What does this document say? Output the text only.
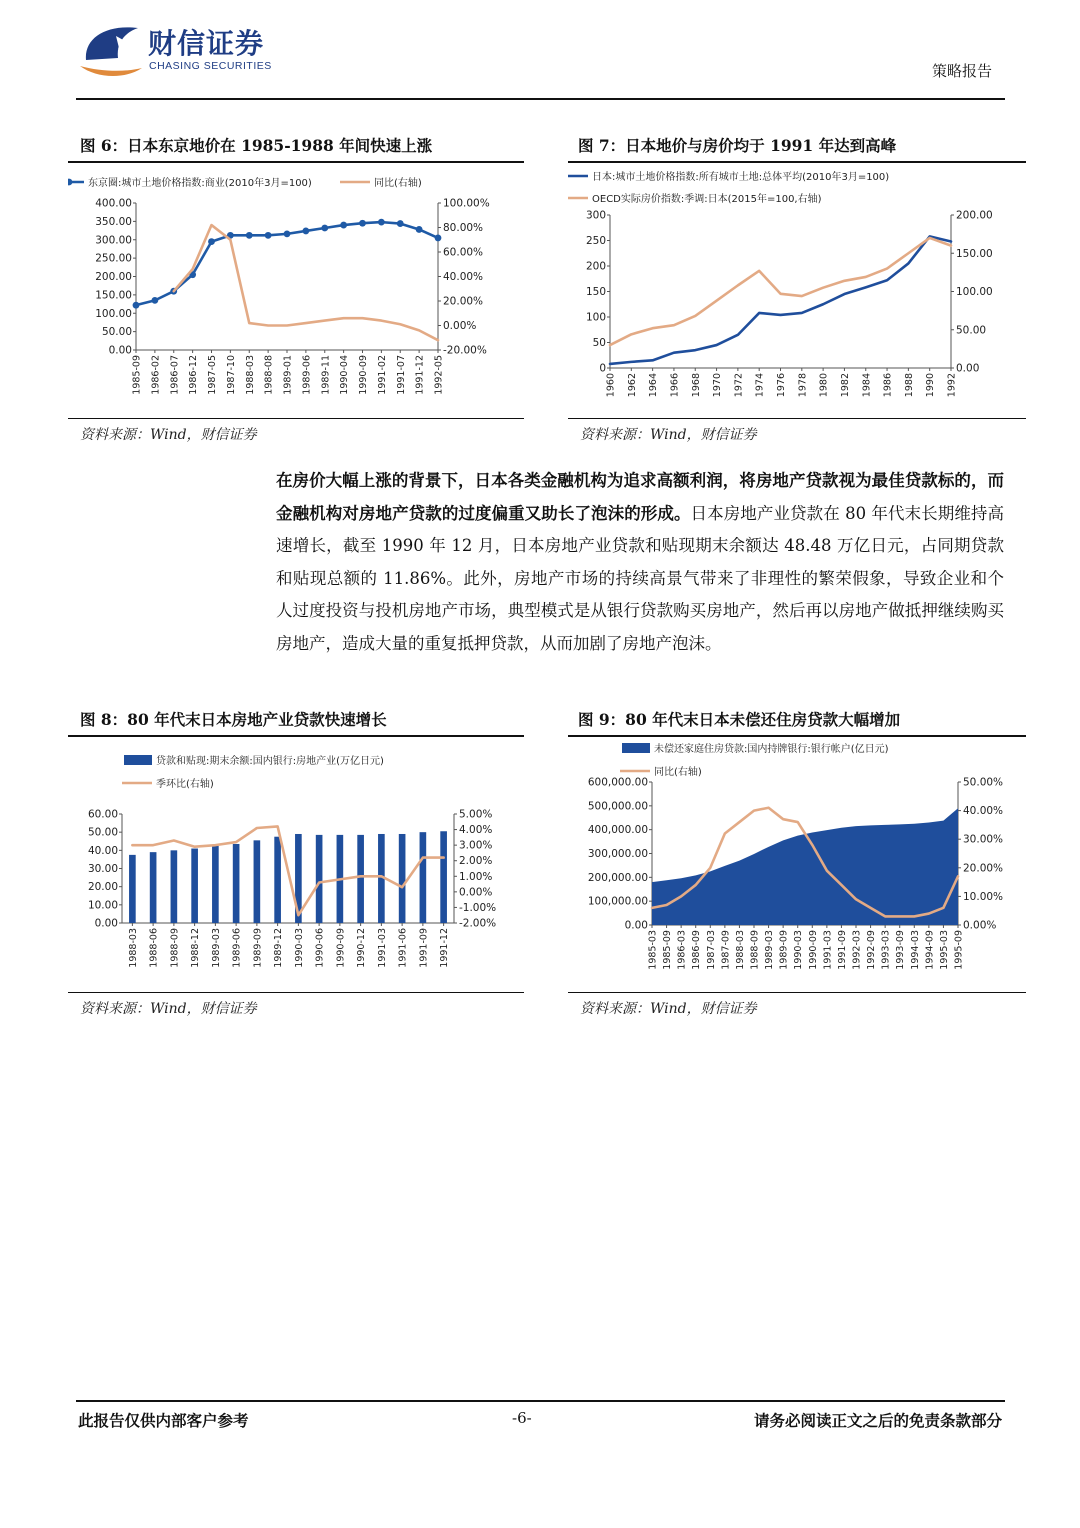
财信证券
CHASING SECURITIES	策略报告
图 6：日本东京地价在 1985-1988 年间快速上涨
0.00
50.00
100.00
150.00
200.00
250.00
300.00
350.00
400.00
-20.00%
0.00%
20.00%
40.00%
60.00%
80.00%
100.00%
1985-09 1986-02 1986-07 1986-12 1987-05 1987-10 1988-03 1988-08 1989-01 1989-06 1989-11 1990-04 1990-09 1991-02 1991-07 1991-12 1992-05
东京圈:城市土地价格指数:商业(2010年3月=100)	同比(右轴)
资料来源：Wind，财信证券
图 7：日本地价与房价均于 1991 年达到高峰
0
50
100
150
200
250
300
0.00
50.00
100.00
150.00
200.00
1960 1962 1964 1966 1968 1970 1972 1974 1976 1978 1980 1982 1984 1986 1988 1990 1992
日本:城市土地价格指数:所有城市土地:总体平均(2010年3月=100)
OECD实际房价指数:季调:日本(2015年=100,右轴)
资料来源：Wind，财信证券
在房价大幅上涨的背景下，日本各类金融机构为追求高额利润，将房地产贷款视为最佳贷款标的，而金融机构对房地产贷款的过度偏重又助长了泡沫的形成。日本房地产业贷款在 80 年代末长期维持高速增长，截至 1990 年 12 月，日本房地产业贷款和贴现期末余额达 48.48 万亿日元，占同期贷款和贴现总额的 11.86%。此外，房地产市场的持续高景气带来了非理性的繁荣假象，导致企业和个人过度投资与投机房地产市场，典型模式是从银行贷款购买房地产，然后再以房地产做抵押继续购买房地产，造成大量的重复抵押贷款，从而加剧了房地产泡沫。
图 8：80 年代末日本房地产业贷款快速增长
0.00
10.00
20.00
30.00
40.00
50.00
60.00
-2.00%
-1.00%
0.00%
1.00%
2.00%
3.00%
4.00%
5.00%
1988-03 1988-06 1988-09 1988-12 1989-03 1989-06 1989-09 1989-12 1990-03 1990-06 1990-09 1990-12 1991-03 1991-06 1991-09 1991-12
贷款和贴现:期末余额:国内银行:房地产业(万亿日元)
季环比(右轴)
资料来源：Wind，财信证券
图 9：80 年代末日本未偿还住房贷款大幅增加
0.00
100,000.00
200,000.00
300,000.00
400,000.00
500,000.00
600,000.00
0.00%
10.00%
20.00%
30.00%
40.00%
50.00%
1985-03 1985-09 1986-03 1986-09 1987-03 1987-09 1988-03 1988-09 1989-03 1989-09 1990-03 1990-09 1991-03 1991-09 1992-03 1992-09 1993-03 1993-09 1994-03 1994-09 1995-03 1995-09
未偿还家庭住房贷款:国内持牌银行:银行帐户(亿日元)
同比(右轴)
资料来源：Wind，财信证券
此报告仅供内部客户参考	-6-	请务必阅读正文之后的免责条款部分
